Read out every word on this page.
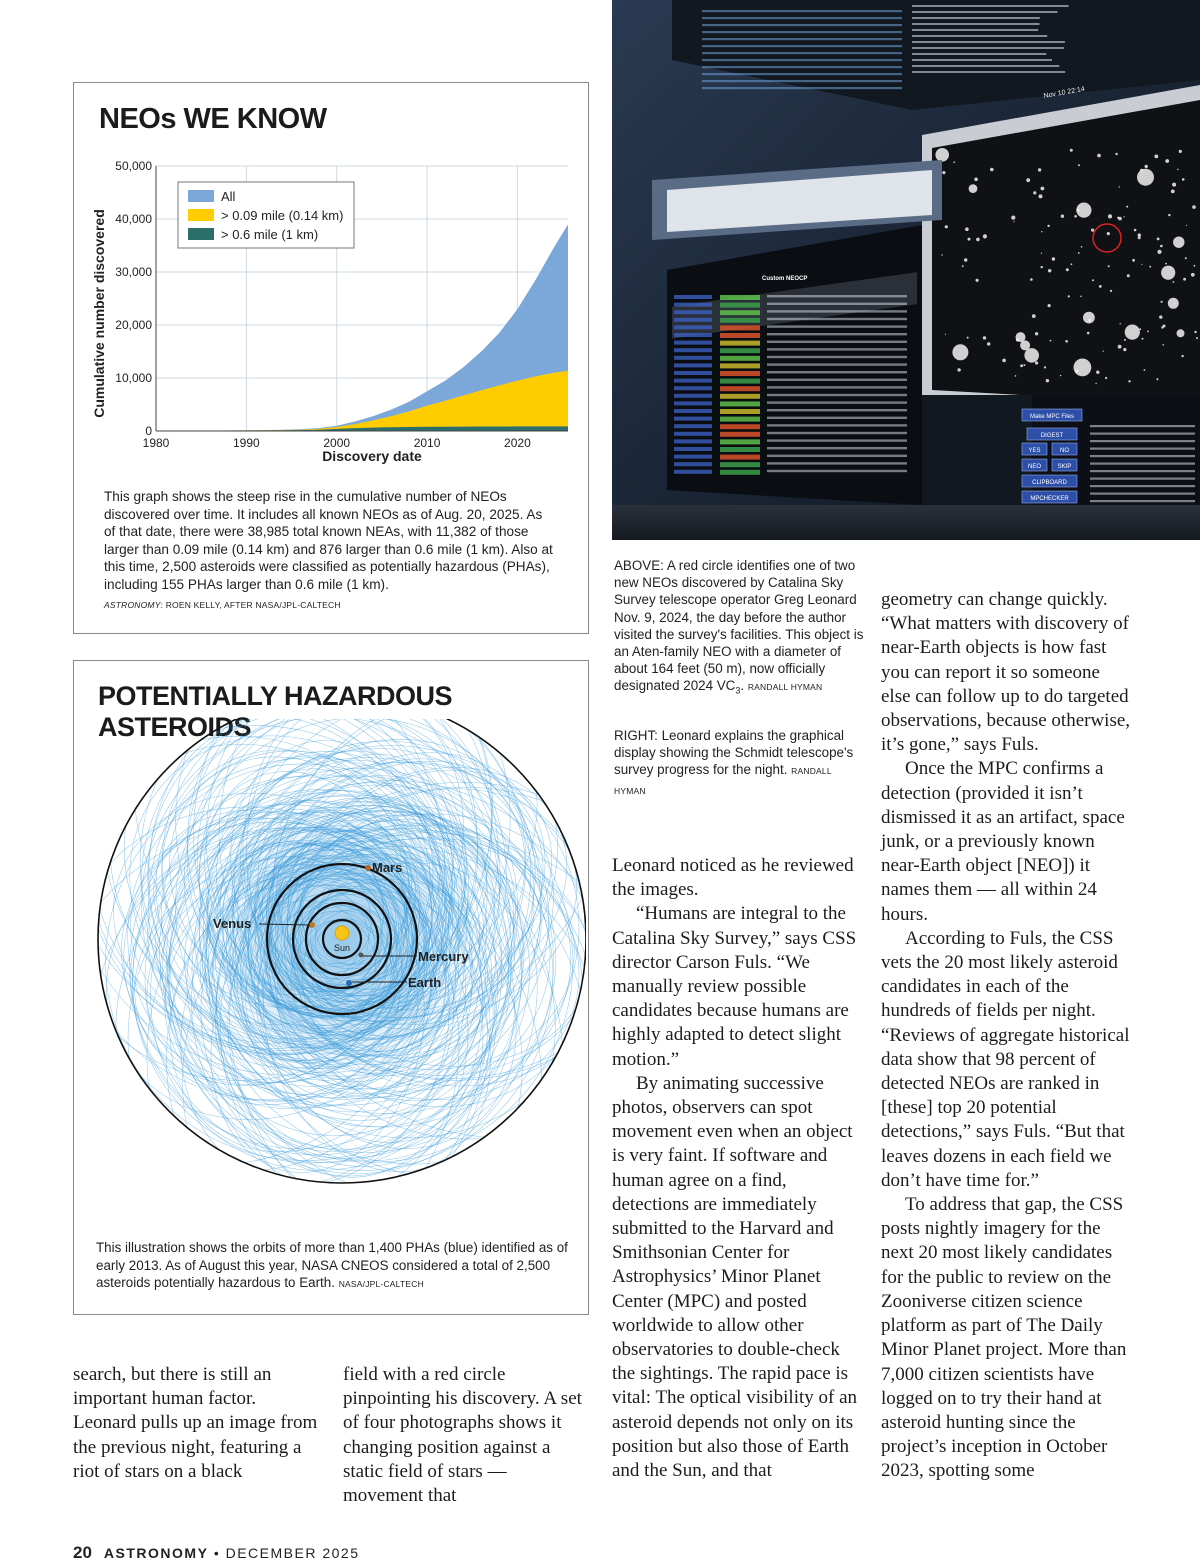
NEOs WE KNOW
0
10,000
20,000
30,000
40,000
50,000
1980	1990	2000	2010	2020
Discovery date
Cumulative number discovered
All
> 0.09 mile (0.14 km)
> 0.6 mile (1 km)
This graph shows the steep rise in the cumulative number of NEOs discovered over time. It includes all known NEOs as of Aug. 20, 2025. As of that date, there were 38,985 total known NEAs, with 11,382 of those larger than 0.09 mile (0.14 km) and 876 larger than 0.6 mile (1 km). Also at this time, 2,500 asteroids were classified as potentially hazardous (PHAs), including 155 PHAs larger than 0.6 mile (1 km).
ASTRONOMY: ROEN KELLY, AFTER NASA/JPL-CALTECH
POTENTIALLY HAZARDOUS ASTEROIDS
Sun
Mars
Venus
Mercury
Earth
This illustration shows the orbits of more than 1,400 PHAs (blue) identified as of early 2013. As of August this year, NASA CNEOS considered a total of 2,500 asteroids potentially hazardous to Earth. NASA/JPL-CALTECH
Nov 10 22:14
Custom NEOCP
Make MPC Files
DIGEST
YES	NO
NEO	SKIP
CLIPBOARD
MPCHECKER
ABOVE: A red circle identifies one of two new NEOs discovered by Catalina Sky Survey telescope operator Greg Leonard Nov. 9, 2024, the day before the author visited the survey's facilities. This object is an Aten-family NEO with a diameter of about 164 feet (50 m), now officially designated 2024 $VC_3$. RANDALL HYMAN
RIGHT: Leonard explains the graphical display showing the Schmidt telescope's survey progress for the night. RANDALL HYMAN

search, but there is still an important human factor. Leonard pulls up an image from the previous night, featuring a riot of stars on a black

field with a red circle pinpointing his discovery. A set of four photographs shows it changing position against a static field of stars — movement that

Leonard noticed as he reviewed the images.

“Humans are integral to the Catalina Sky Survey,” says CSS director Carson Fuls. “We manually review possible candidates because humans are highly adapted to detect slight motion.”

By animating successive photos, observers can spot movement even when an object is very faint. If software and human agree on a find, detections are immediately submitted to the Harvard and Smithsonian Center for Astrophysics’ Minor Planet Center (MPC) and posted worldwide to allow other observatories to double-check the sightings. The rapid pace is vital: The optical visibility of an asteroid depends not only on its position but also those of Earth and the Sun, and that

geometry can change quickly. “What matters with discovery of near-Earth objects is how fast you can report it so someone else can follow up to do targeted observations, because otherwise, it’s gone,” says Fuls.

Once the MPC confirms a detection (provided it isn’t dismissed it as an artifact, space junk, or a previously known near-Earth object [NEO]) it names them — all within 24 hours.

According to Fuls, the CSS vets the 20 most likely asteroid candidates in each of the hundreds of fields per night. “Reviews of aggregate historical data show that 98 percent of detected NEOs are ranked in [these] top 20 potential detections,” says Fuls. “But that leaves dozens in each field we don’t have time for.”

To address that gap, the CSS posts nightly imagery for the next 20 most likely candidates for the public to review on the Zooniverse citizen science platform as part of The Daily Minor Planet project. More than 7,000 citizen scientists have logged on to try their hand at asteroid hunting since the project’s inception in October 2023, spotting some

20 ASTRONOMY • DECEMBER 2025
